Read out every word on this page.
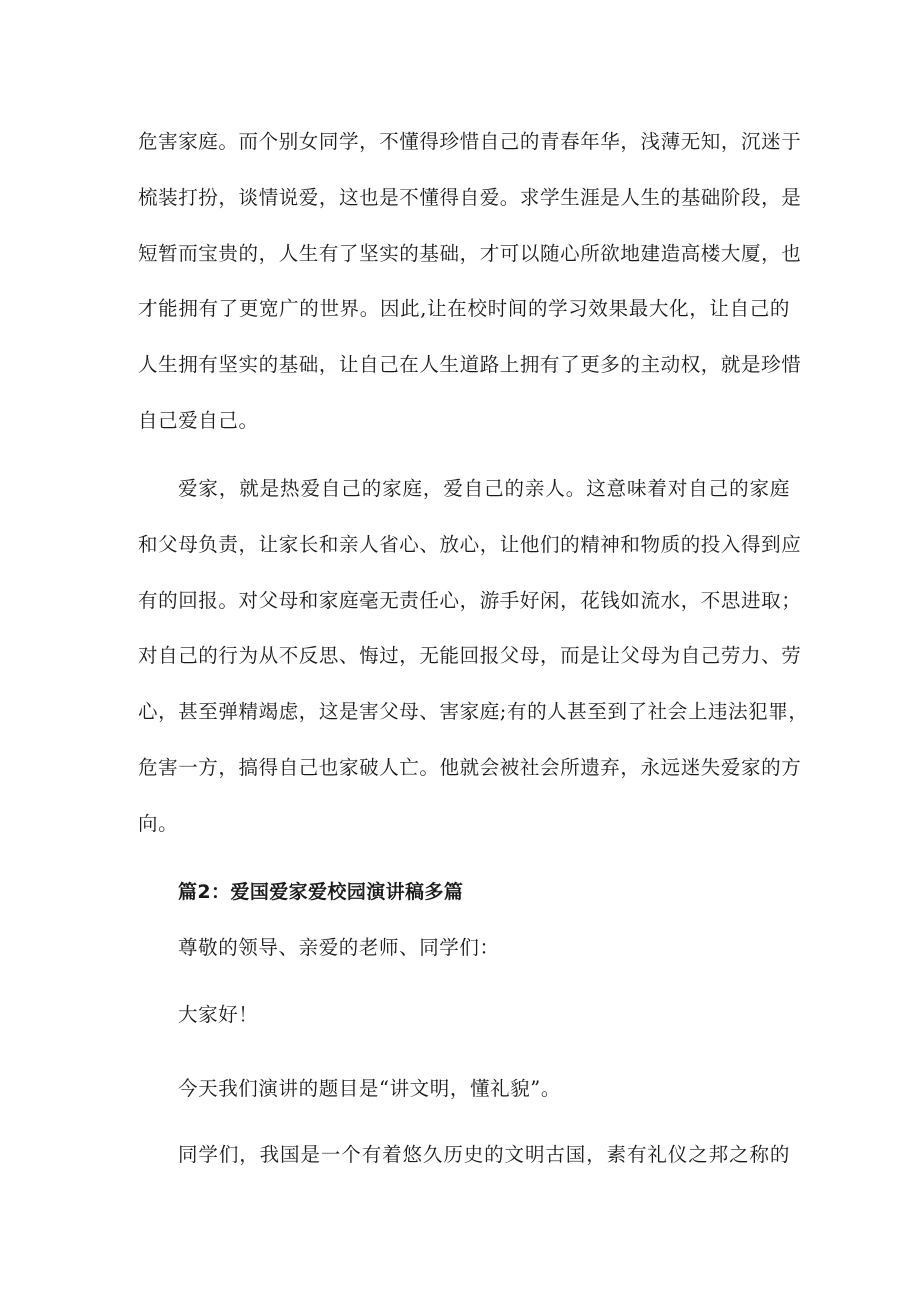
危害家庭。而个别女同学，不懂得珍惜自己的青春年华，浅薄无知，沉迷于
梳装打扮，谈情说爱，这也是不懂得自爱。求学生涯是人生的基础阶段，是
短暂而宝贵的，人生有了坚实的基础，才可以随心所欲地建造高楼大厦，也
才能拥有了更宽广的世界。因此,让在校时间的学习效果最大化，让自己的
人生拥有坚实的基础，让自己在人生道路上拥有了更多的主动权，就是珍惜
自己爱自己。
爱家，就是热爱自己的家庭，爱自己的亲人。这意味着对自己的家庭
和父母负责，让家长和亲人省心、放心，让他们的精神和物质的投入得到应
有的回报。对父母和家庭毫无责任心，游手好闲，花钱如流水，不思进取；
对自己的行为从不反思、悔过，无能回报父母，而是让父母为自己劳力、劳
心，甚至弹精竭虑，这是害父母、害家庭;有的人甚至到了社会上违法犯罪，
危害一方，搞得自己也家破人亡。他就会被社会所遗弃，永远迷失爱家的方
向。
篇2：爱国爱家爱校园演讲稿多篇
尊敬的领导、亲爱的老师、同学们：
大家好！
今天我们演讲的题目是“讲文明，懂礼貌”。
同学们，我国是一个有着悠久历史的文明古国，素有礼仪之邦之称的
